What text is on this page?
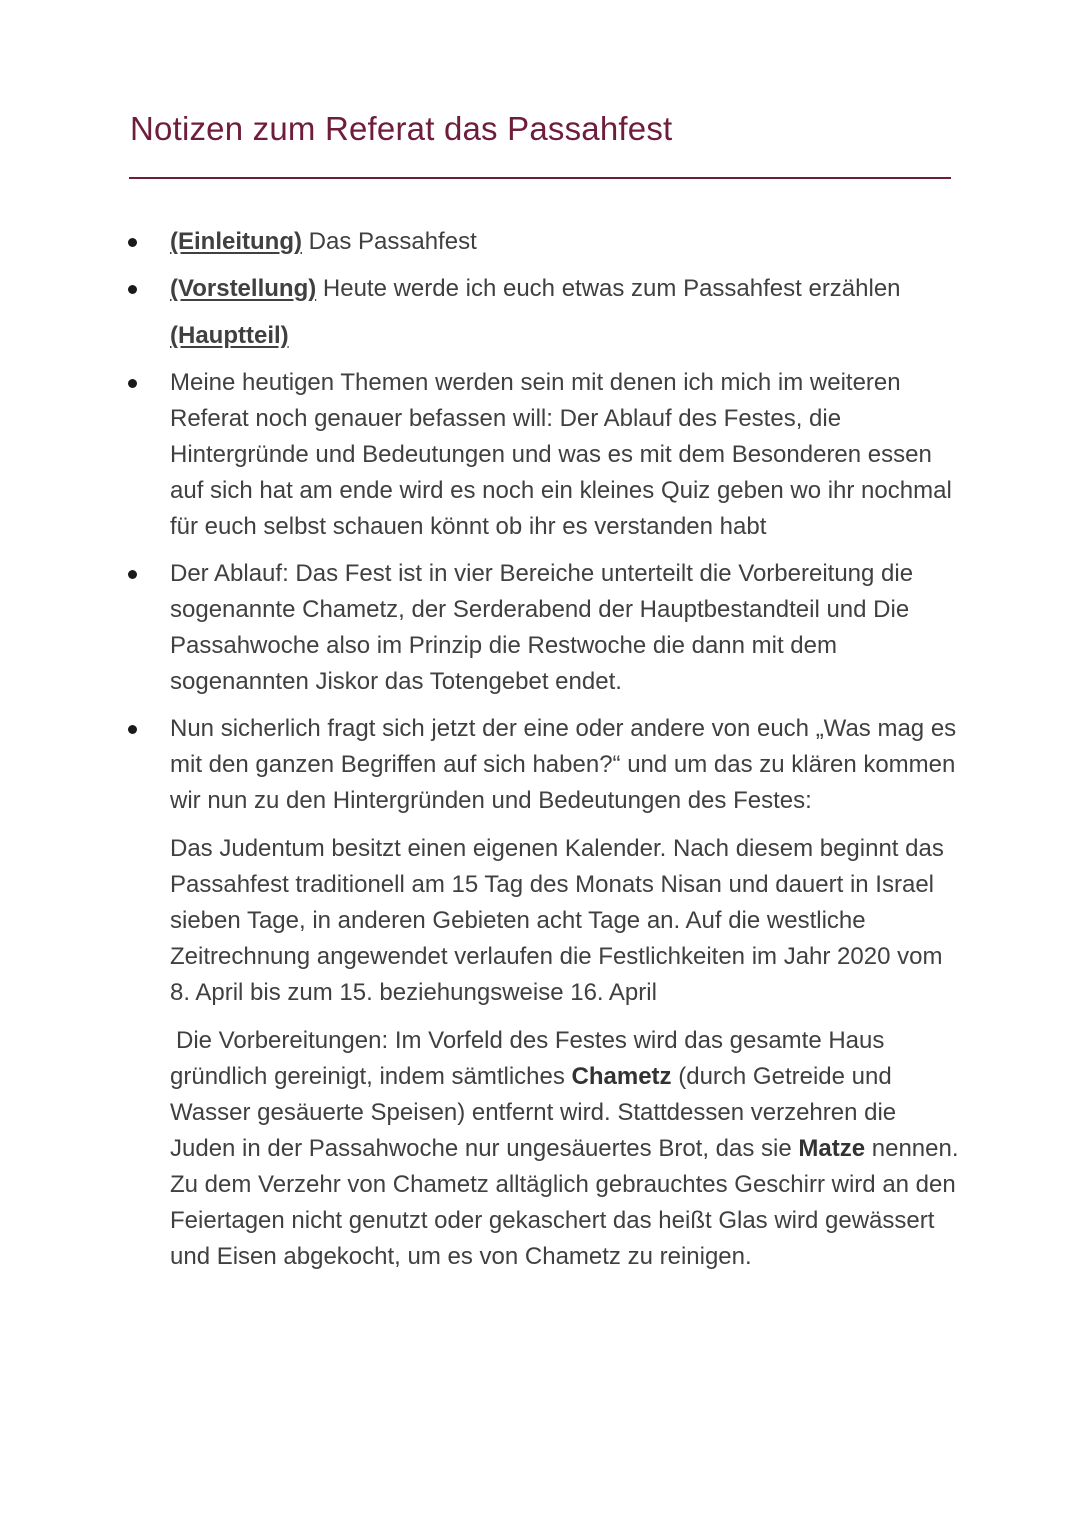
Notizen zum Referat das Passahfest
(Einleitung) Das Passahfest
(Vorstellung) Heute werde ich euch etwas zum Passahfest erzählen
(Hauptteil)
Meine heutigen Themen werden sein mit denen ich mich im weiteren Referat noch genauer befassen will: Der Ablauf des Festes, die Hintergründe und Bedeutungen und was es mit dem Besonderen essen auf sich hat am ende wird es noch ein kleines Quiz geben wo ihr nochmal für euch selbst schauen könnt ob ihr es verstanden habt
Der Ablauf: Das Fest ist in vier Bereiche unterteilt die Vorbereitung die sogenannte Chametz, der Serderabend der Hauptbestandteil und Die Passahwoche also im Prinzip die Restwoche die dann mit dem sogenannten Jiskor das Totengebet endet.
Nun sicherlich fragt sich jetzt der eine oder andere von euch „Was mag es mit den ganzen Begriffen auf sich haben?“ und um das zu klären kommen wir nun zu den Hintergründen und Bedeutungen des Festes:
Das Judentum besitzt einen eigenen Kalender. Nach diesem beginnt das Passahfest traditionell am 15 Tag des Monats Nisan und dauert in Israel sieben Tage, in anderen Gebieten acht Tage an. Auf die westliche Zeitrechnung angewendet verlaufen die Festlichkeiten im Jahr 2020 vom 8. April bis zum 15. beziehungsweise 16. April
Die Vorbereitungen: Im Vorfeld des Festes wird das gesamte Haus gründlich gereinigt, indem sämtliches Chametz (durch Getreide und Wasser gesäuerte Speisen) entfernt wird. Stattdessen verzehren die Juden in der Passahwoche nur ungesäuertes Brot, das sie Matze nennen. Zu dem Verzehr von Chametz alltäglich gebrauchtes Geschirr wird an den Feiertagen nicht genutzt oder gekaschert das heißt Glas wird gewässert und Eisen abgekocht, um es von Chametz zu reinigen.
